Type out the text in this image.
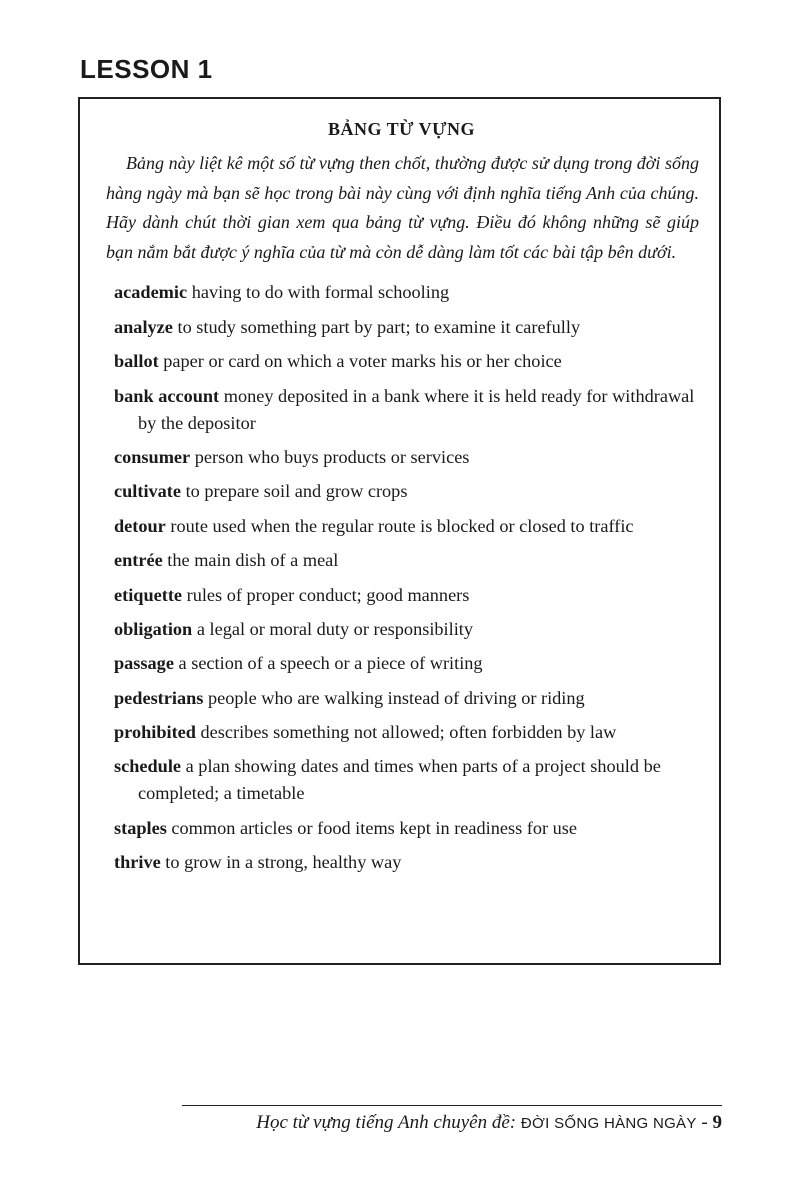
LESSON 1
BẢNG TỪ VỰNG

Bảng này liệt kê một số từ vựng then chốt, thường được sử dụng trong đời sống hàng ngày mà bạn sẽ học trong bài này cùng với định nghĩa tiếng Anh của chúng. Hãy dành chút thời gian xem qua bảng từ vựng. Điều đó không những sẽ giúp bạn nắm bắt được ý nghĩa của từ mà còn dễ dàng làm tốt các bài tập bên dưới.

academic having to do with formal schooling
analyze to study something part by part; to examine it carefully
ballot paper or card on which a voter marks his or her choice
bank account money deposited in a bank where it is held ready for withdrawal by the depositor
consumer person who buys products or services
cultivate to prepare soil and grow crops
detour route used when the regular route is blocked or closed to traffic
entrée the main dish of a meal
etiquette rules of proper conduct; good manners
obligation a legal or moral duty or responsibility
passage a section of a speech or a piece of writing
pedestrians people who are walking instead of driving or riding
prohibited describes something not allowed; often forbidden by law
schedule a plan showing dates and times when parts of a project should be completed; a timetable
staples common articles or food items kept in readiness for use
thrive to grow in a strong, healthy way
Học từ vựng tiếng Anh chuyên đề: ĐỜI SỐNG HÀNG NGÀY - 9
